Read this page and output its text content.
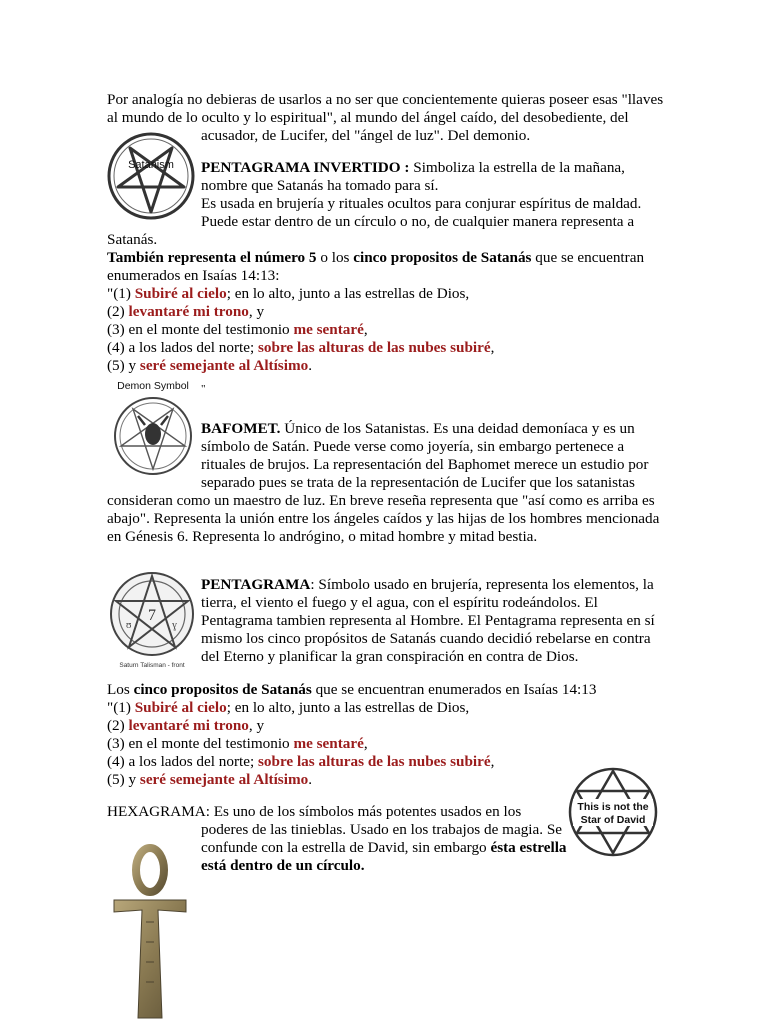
Por analogía no debieras de usarlos a no ser que concientemente quieras poseer esas "llaves
al mundo de lo oculto y lo espiritual", al mundo del ángel caído, del desobediente, del
acusador, de Lucifer, del "ángel de luz". Del demonio.
Satanism PENTAGRAMA INVERTIDO : Simboliza la estrella de la mañana,
nombre que Satanás ha tomado para sí.
Es usada en brujería y rituales ocultos para conjurar espíritus de maldad.
Puede estar dentro de un círculo o no, de cualquier manera representa a
Satanás.
También representa el número 5 o los cinco propositos de Satanás que se encuentran
enumerados en Isaías 14:13:
"(1) Subiré al cielo; en lo alto, junto a las estrellas de Dios,
(2) levantaré mi trono, y
(3) en el monte del testimonio me sentaré,
(4) a los lados del norte; sobre las alturas de las nubes subiré,
(5) y seré semejante al Altísimo.
Demon Symbol "
BAFOMET. Único de los Satanistas. Es una deidad demoníaca y es un
símbolo de Satán. Puede verse como joyería, sin embargo pertenece a
rituales de brujos. La representación del Baphomet merece un estudio por
separado pues se trata de la representación de Lucifer que los satanistas
consideran como un maestro de luz. En breve reseña representa que "así como es arriba es
abajo". Representa la unión entre los ángeles caídos y las hijas de los hombres mencionada
en Génesis 6. Representa lo andrógino, o mitad hombre y mitad bestia.
7
ʊ	ɣ
Saturn Talisman - front
PENTAGRAMA: Símbolo usado en brujería, representa los elementos, la
tierra, el viento el fuego y el agua, con el espíritu rodeándolos. El
Pentagrama tambien representa al Hombre. El Pentagrama representa en sí
mismo los cinco propósitos de Satanás cuando decidió rebelarse en contra
del Eterno y planificar la gran conspiración en contra de Dios.
Los cinco propositos de Satanás que se encuentran enumerados en Isaías 14:13
"(1) Subiré al cielo; en lo alto, junto a las estrellas de Dios,
(2) levantaré mi trono, y
(3) en el monte del testimonio me sentaré,
(4) a los lados del norte; sobre las alturas de las nubes subiré,
(5) y seré semejante al Altísimo.
This is not the
Star of David
HEXAGRAMA: Es uno de los símbolos más potentes usados en los
poderes de las tinieblas. Usado en los trabajos de magia. Se
confunde con la estrella de David, sin embargo ésta estrella
está dentro de un círculo.
